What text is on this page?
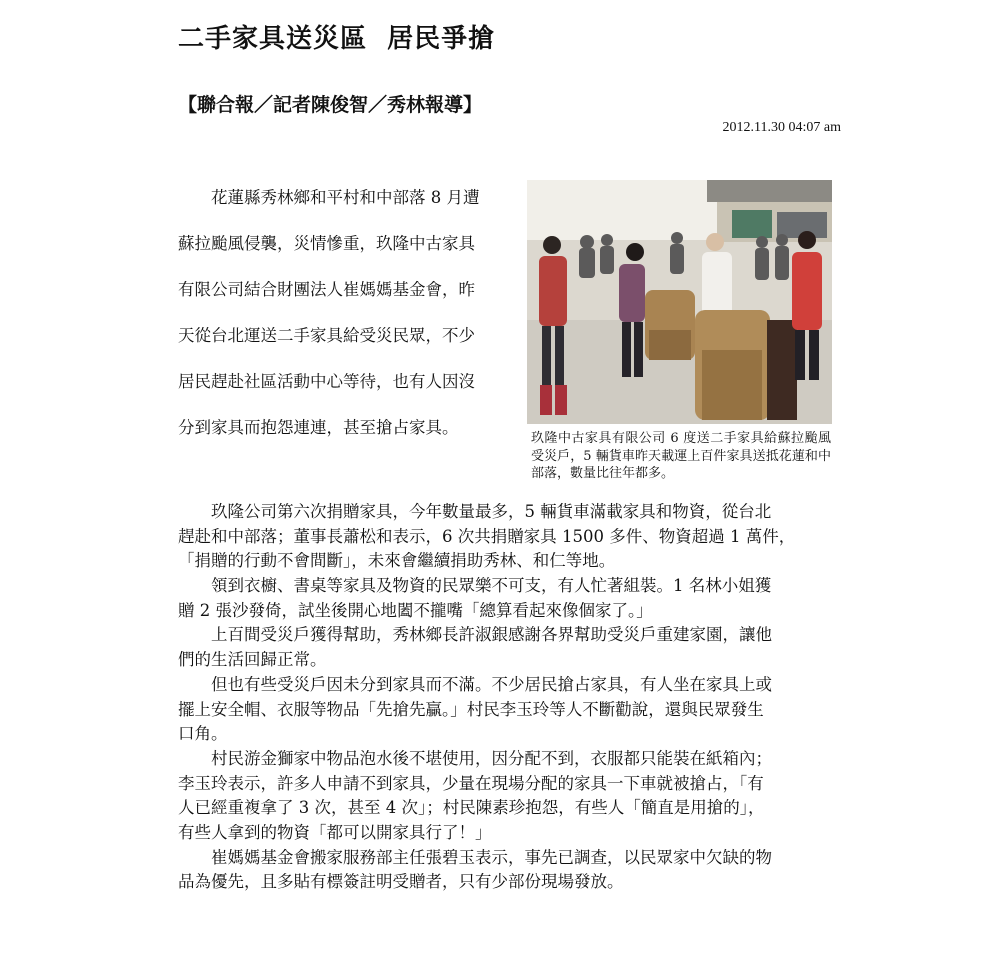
二手家具送災區  居民爭搶
【聯合報／記者陳俊智／秀林報導】
2012.11.30 04:07 am
　　花蓮縣秀林鄉和平村和中部落 8 月遭
蘇拉颱風侵襲，災情慘重，玖隆中古家具
有限公司結合財團法人崔媽媽基金會，昨
天從台北運送二手家具給受災民眾，不少
居民趕赴社區活動中心等待，也有人因沒
分到家具而抱怨連連，甚至搶占家具。

玖隆中古家具有限公司 6 度送二手家具給蘇拉颱風受災戶，5 輛貨車昨天載運上百件家具送抵花蓮和中部落，數量比往年都多。

　　玖隆公司第六次捐贈家具，今年數量最多，5 輛貨車滿載家具和物資，從台北
趕赴和中部落；董事長蕭松和表示，6 次共捐贈家具 1500 多件、物資超過 1 萬件，
「捐贈的行動不會間斷」，未來會繼續捐助秀林、和仁等地。
　　領到衣櫥、書桌等家具及物資的民眾樂不可支，有人忙著組裝。1 名林小姐獲
贈 2 張沙發倚，試坐後開心地闔不攏嘴「總算看起來像個家了。」
　　上百間受災戶獲得幫助，秀林鄉長許淑銀感謝各界幫助受災戶重建家園，讓他
們的生活回歸正常。
　　但也有些受災戶因未分到家具而不滿。不少居民搶占家具，有人坐在家具上或
擺上安全帽、衣服等物品「先搶先贏。」村民李玉玲等人不斷勸說，還與民眾發生
口角。
　　村民游金獅家中物品泡水後不堪使用，因分配不到，衣服都只能裝在紙箱內；
李玉玲表示，許多人申請不到家具，少量在現場分配的家具一下車就被搶占，「有
人已經重複拿了 3 次，甚至 4 次」；村民陳素珍抱怨，有些人「簡直是用搶的」，
有些人拿到的物資「都可以開家具行了！」
　　崔媽媽基金會搬家服務部主任張碧玉表示，事先已調查，以民眾家中欠缺的物
品為優先，且多貼有標簽註明受贈者，只有少部份現場發放。
